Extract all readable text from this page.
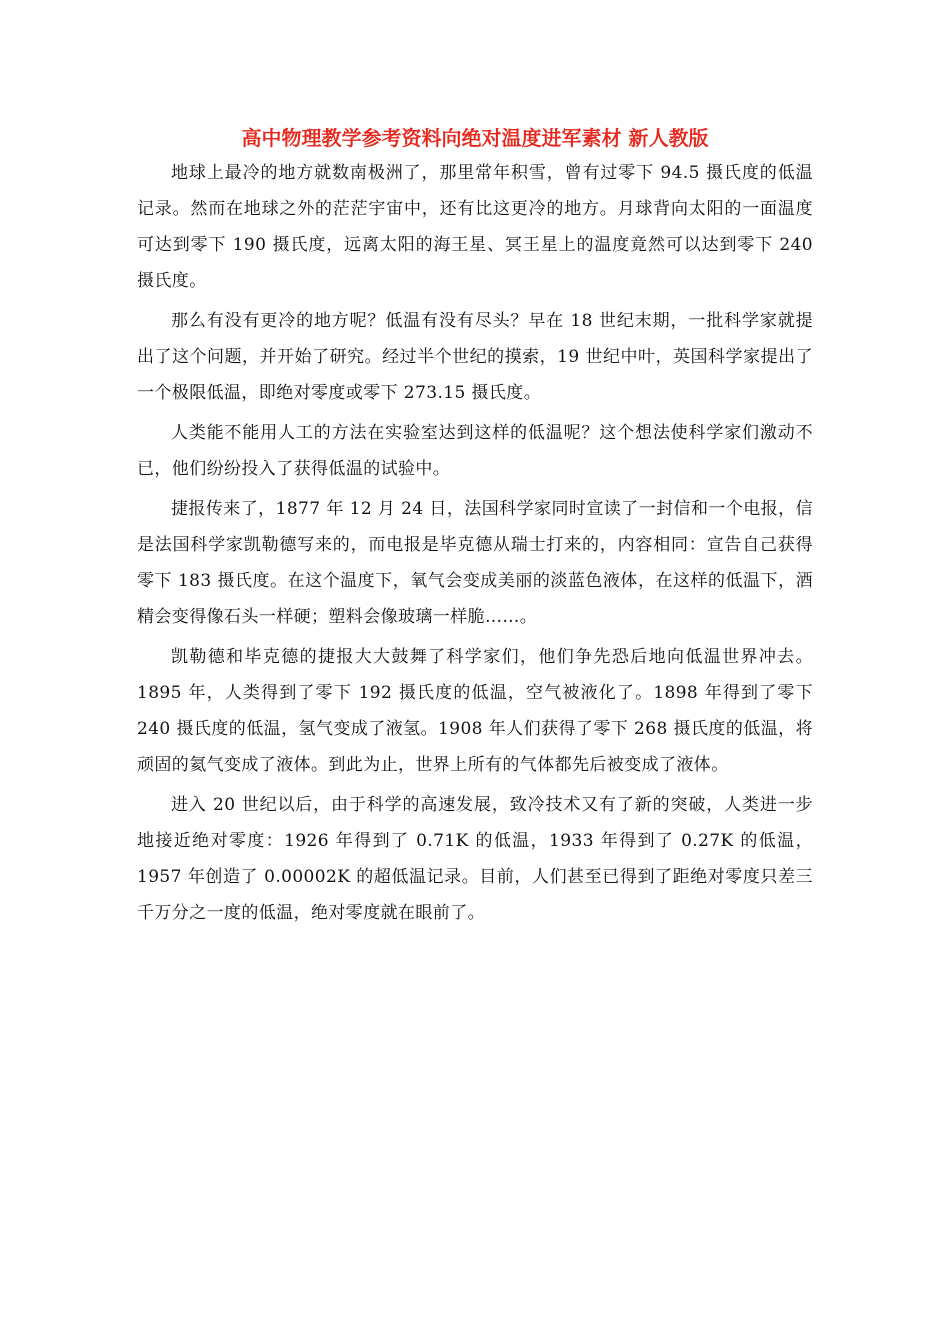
高中物理教学参考资料向绝对温度进军素材 新人教版

地球上最冷的地方就数南极洲了，那里常年积雪，曾有过零下 94.5 摄氏度的低温记录。然而在地球之外的茫茫宇宙中，还有比这更冷的地方。月球背向太阳的一面温度可达到零下 190 摄氏度，远离太阳的海王星、冥王星上的温度竟然可以达到零下 240 摄氏度。

那么有没有更冷的地方呢？低温有没有尽头？早在 18 世纪末期，一批科学家就提出了这个问题，并开始了研究。经过半个世纪的摸索，19 世纪中叶，英国科学家提出了一个极限低温，即绝对零度或零下 273.15 摄氏度。

人类能不能用人工的方法在实验室达到这样的低温呢？这个想法使科学家们激动不已，他们纷纷投入了获得低温的试验中。

捷报传来了，1877 年 12 月 24 日，法国科学家同时宣读了一封信和一个电报，信是法国科学家凯勒德写来的，而电报是毕克德从瑞士打来的，内容相同：宣告自己获得零下 183 摄氏度。在这个温度下，氧气会变成美丽的淡蓝色液体，在这样的低温下，酒精会变得像石头一样硬；塑料会像玻璃一样脆……。

凯勒德和毕克德的捷报大大鼓舞了科学家们，他们争先恐后地向低温世界冲去。1895 年，人类得到了零下 192 摄氏度的低温，空气被液化了。1898 年得到了零下 240 摄氏度的低温，氢气变成了液氢。1908 年人们获得了零下 268 摄氏度的低温，将顽固的氦气变成了液体。到此为止，世界上所有的气体都先后被变成了液体。

进入 20 世纪以后，由于科学的高速发展，致冷技术又有了新的突破，人类进一步地接近绝对零度：1926 年得到了 0.71K 的低温，1933 年得到了 0.27K 的低温，1957 年创造了 0.00002K 的超低温记录。目前，人们甚至已得到了距绝对零度只差三千万分之一度的低温，绝对零度就在眼前了。
